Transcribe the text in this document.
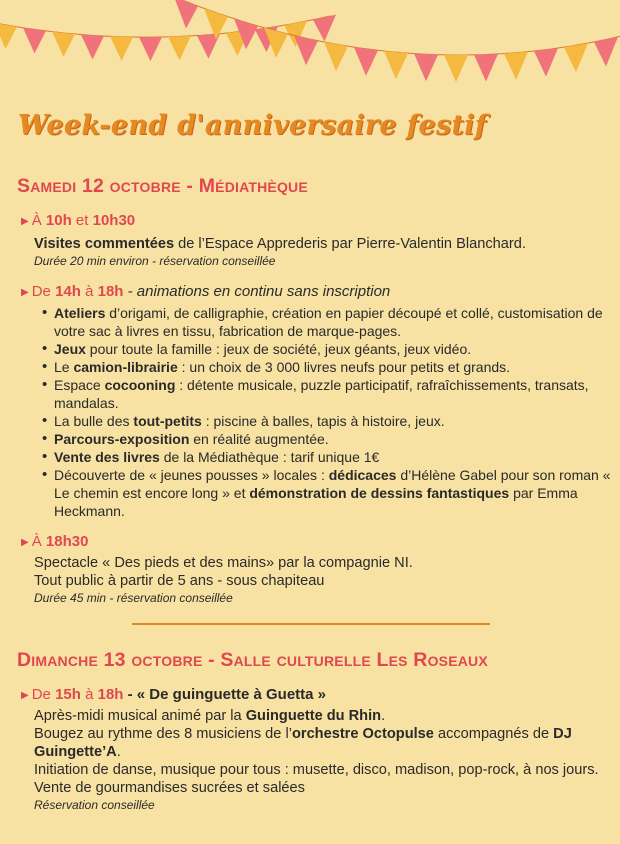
Week-end d'anniversaire festif
Samedi 12 octobre - Médiathèque
▶ À 10h et 10h30
Visites commentées de l’Espace Apprederis par Pierre-Valentin Blanchard.
Durée 20 min environ - réservation conseillée
▶ De 14h à 18h - animations en continu sans inscription
• Ateliers d’origami, de calligraphie, création en papier découpé et collé, customisation de votre sac à livres en tissu, fabrication de marque-pages.
• Jeux pour toute la famille : jeux de société, jeux géants, jeux vidéo.
• Le camion-librairie : un choix de 3 000 livres neufs pour petits et grands.
• Espace cocooning : détente musicale, puzzle participatif, rafraîchissements, transats, mandalas.
• La bulle des tout-petits : piscine à balles, tapis à histoire, jeux.
• Parcours-exposition en réalité augmentée.
• Vente des livres de la Médiathèque : tarif unique 1€
• Découverte de « jeunes pousses » locales : dédicaces d’Hélène Gabel pour son roman « Le chemin est encore long » et démonstration de dessins fantastiques par Emma Heckmann.
▶ À 18h30
Spectacle « Des pieds et des mains» par la compagnie NI.
Tout public à partir de 5 ans - sous chapiteau
Durée 45 min - réservation conseillée
Dimanche 13 octobre - Salle culturelle Les Roseaux
▶ De 15h à 18h - « De guinguette à Guetta »
Après-midi musical animé par la Guinguette du Rhin.
Bougez au rythme des 8 musiciens de l’orchestre Octopulse accompagnés de DJ Guingette’A.
Initiation de danse, musique pour tous : musette, disco, madison, pop-rock, à nos jours.
Vente de gourmandises sucrées et salées
Réservation conseillée
